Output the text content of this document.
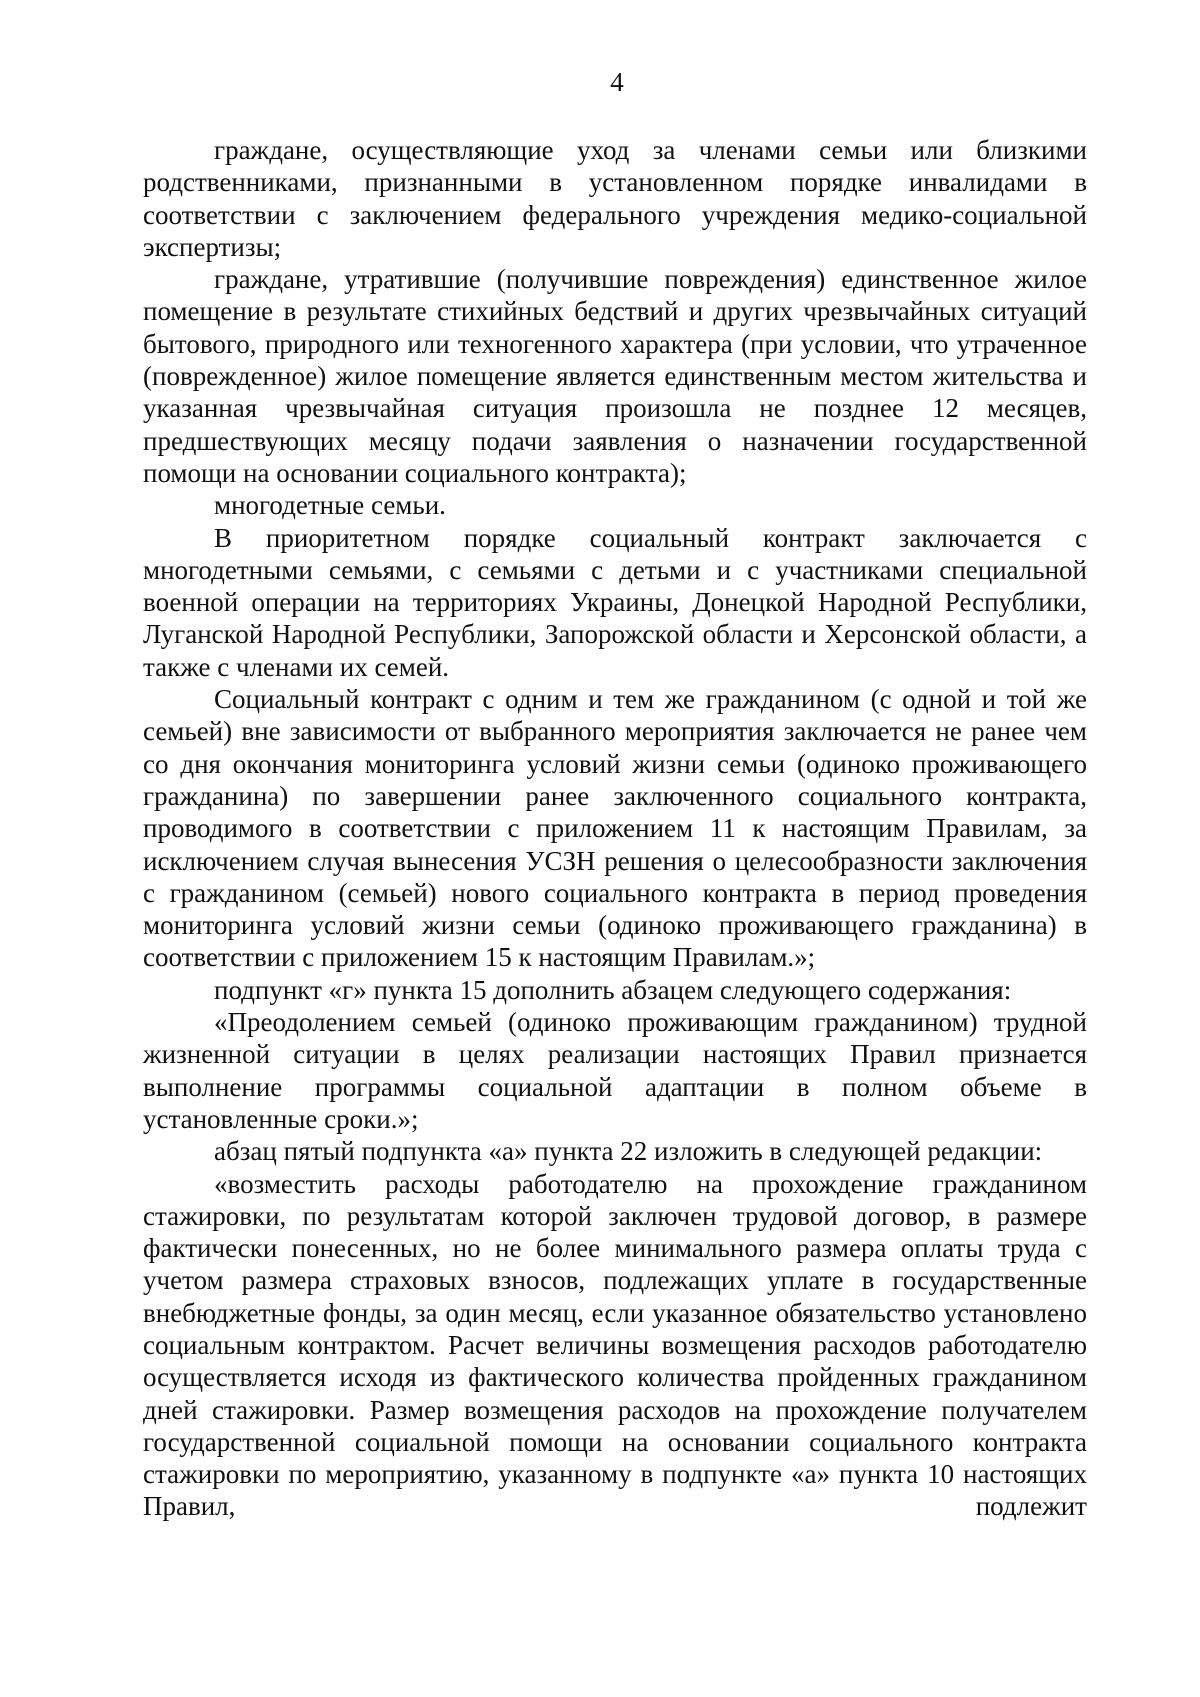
4

граждане, осуществляющие уход за членами семьи или близкими родственниками, признанными в установленном порядке инвалидами в соответствии с заключением федерального учреждения медико-социальной экспертизы;

граждане, утратившие (получившие повреждения) единственное жилое помещение в результате стихийных бедствий и других чрезвычайных ситуаций бытового, природного или техногенного характера (при условии, что утраченное (поврежденное) жилое помещение является единственным местом жительства и указанная чрезвычайная ситуация произошла не позднее 12 месяцев, предшествующих месяцу подачи заявления о назначении государственной помощи на основании социального контракта);

многодетные семьи.

В приоритетном порядке социальный контракт заключается с многодетными семьями, с семьями с детьми и с участниками специальной военной операции на территориях Украины, Донецкой Народной Республики, Луганской Народной Республики, Запорожской области и Херсонской области, а также с членами их семей.

Социальный контракт с одним и тем же гражданином (с одной и той же семьей) вне зависимости от выбранного мероприятия заключается не ранее чем со дня окончания мониторинга условий жизни семьи (одиноко проживающего гражданина) по завершении ранее заключенного социального контракта, проводимого в соответствии с приложением 11 к настоящим Правилам, за исключением случая вынесения УСЗН решения о целесообразности заключения с гражданином (семьей) нового социального контракта в период проведения мониторинга условий жизни семьи (одиноко проживающего гражданина) в соответствии с приложением 15 к настоящим Правилам.»;

подпункт «г» пункта 15 дополнить абзацем следующего содержания:

«Преодолением семьей (одиноко проживающим гражданином) трудной жизненной ситуации в целях реализации настоящих Правил признается выполнение программы социальной адаптации в полном объеме в установленные сроки.»;

абзац пятый подпункта «а» пункта 22 изложить в следующей редакции:

«возместить расходы работодателю на прохождение гражданином стажировки, по результатам которой заключен трудовой договор, в размере фактически понесенных, но не более минимального размера оплаты труда с учетом размера страховых взносов, подлежащих уплате в государственные внебюджетные фонды, за один месяц, если указанное обязательство установлено социальным контрактом. Расчет величины возмещения расходов работодателю осуществляется исходя из фактического количества пройденных гражданином дней стажировки. Размер возмещения расходов на прохождение получателем государственной социальной помощи на основании социального контракта стажировки по мероприятию, указанному в подпункте «а» пункта 10 настоящих Правил, подлежит
